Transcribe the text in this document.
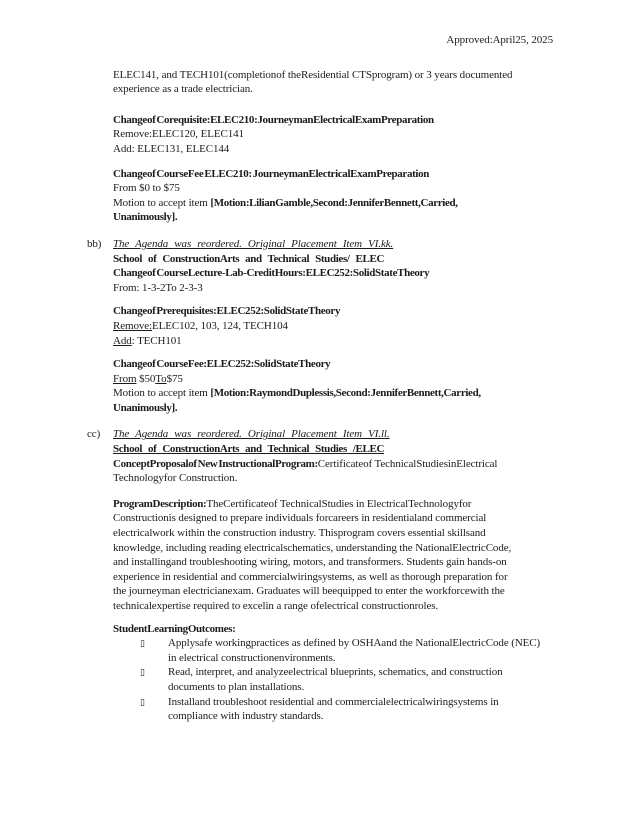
Approved:April25, 2025
ELEC141, and TECH101(completionof theResidential CTSprogram) or 3 years documented
experience as a trade electrician.
Changeof Corequisite:ELEC210:JourneymanElectricalExamPreparation
Remove:ELEC120, ELEC141
Add: ELEC131, ELEC144
Changeof CourseFee ELEC210: JourneymanElectricalExamPreparation
From $0 to $75
Motion to accept item [Motion:LilianGamble,Second:JenniferBennett,Carried,
Unanimously].
bb) The Agenda was reordered. Original Placement Item VI.kk.
School of ConstructionArts and Technical Studies/ ELEC
Changeof CourseLecture-Lab-CreditHours:ELEC252:SolidStateTheory
From: 1-3-2To 2-3-3
Changeof Prerequisites:ELEC252:SolidStateTheory
Remove:ELEC102, 103, 124, TECH104
Add: TECH101
Changeof CourseFee:ELEC252:SolidStateTheory
From $50To$75
Motion to accept item [Motion:RaymondDuplessis,Second:JenniferBennett,Carried,
Unanimously].
cc) The Agenda was reordered. Original Placement Item VI.ll.
School of ConstructionArts and Technical Studies /ELEC
ConceptProposalof New InstructionalProgram:Certificateof TechnicalStudiesinElectrical
Technologyfor Construction.
ProgramDescription:TheCertificateof TechnicalStudies in ElectricalTechnologyfor
Constructionis designed to prepare individuals forcareers in residentialand commercial
electricalwork within the construction industry. Thisprogram covers essential skillsand
knowledge, including reading electricalschematics, understanding the NationalElectricCode,
and installingand troubleshooting wiring, motors, and transformers. Students gain hands-on
experience in residential and commercialwiringsystems, as well as thorough preparation for
the journeyman electricianexam. Graduates will beequipped to enter the workforcewith the
technicalexpertise required to excelin a range ofelectrical constructionroles.
StudentLearningOutcomes:
▯ Applysafe workingpractices as defined by OSHAand the NationalElectricCode (NEC)
in electrical constructionenvironments.
▯ Read, interpret, and analyzeelectrical blueprints, schematics, and construction
documents to plan installations.
▯ Installand troubleshoot residential and commercialelectricalwiringsystems in
compliance with industry standards.
